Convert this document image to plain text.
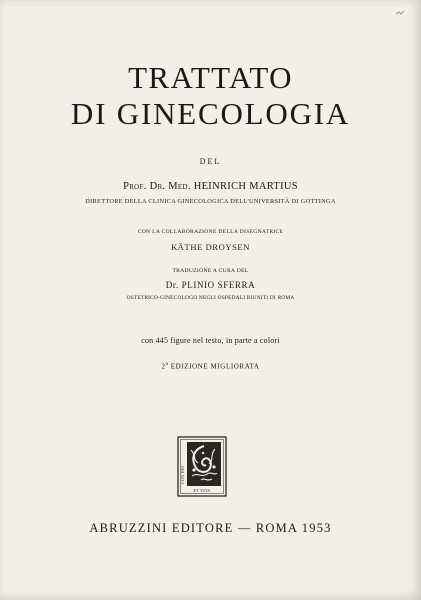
TRATTATO
DI GINECOLOGIA
DEL
Prof. Dr. Med. HEINRICH MARTIUS
DIRETTORE DELLA CLINICA GINECOLOGICA DELL'UNIVERSITÀ DI GOTTINGA
CON LA COLLABORAZIONE DELLA DISEGNATRICE
KÄTHE DROYSEN
TRADUZIONE A CURA DEL
Dr. PLINIO SFERRA
OSTETRICO-GINECOLOGO NEGLI OSPEDALI RIUNITI DI ROMA
con 445 figure nel testo, in parte a colori
2$^a$ EDIZIONE MIGLIORATA
CON DIO
ET VITA
ABRUZZINI EDITORE — ROMA 1953
